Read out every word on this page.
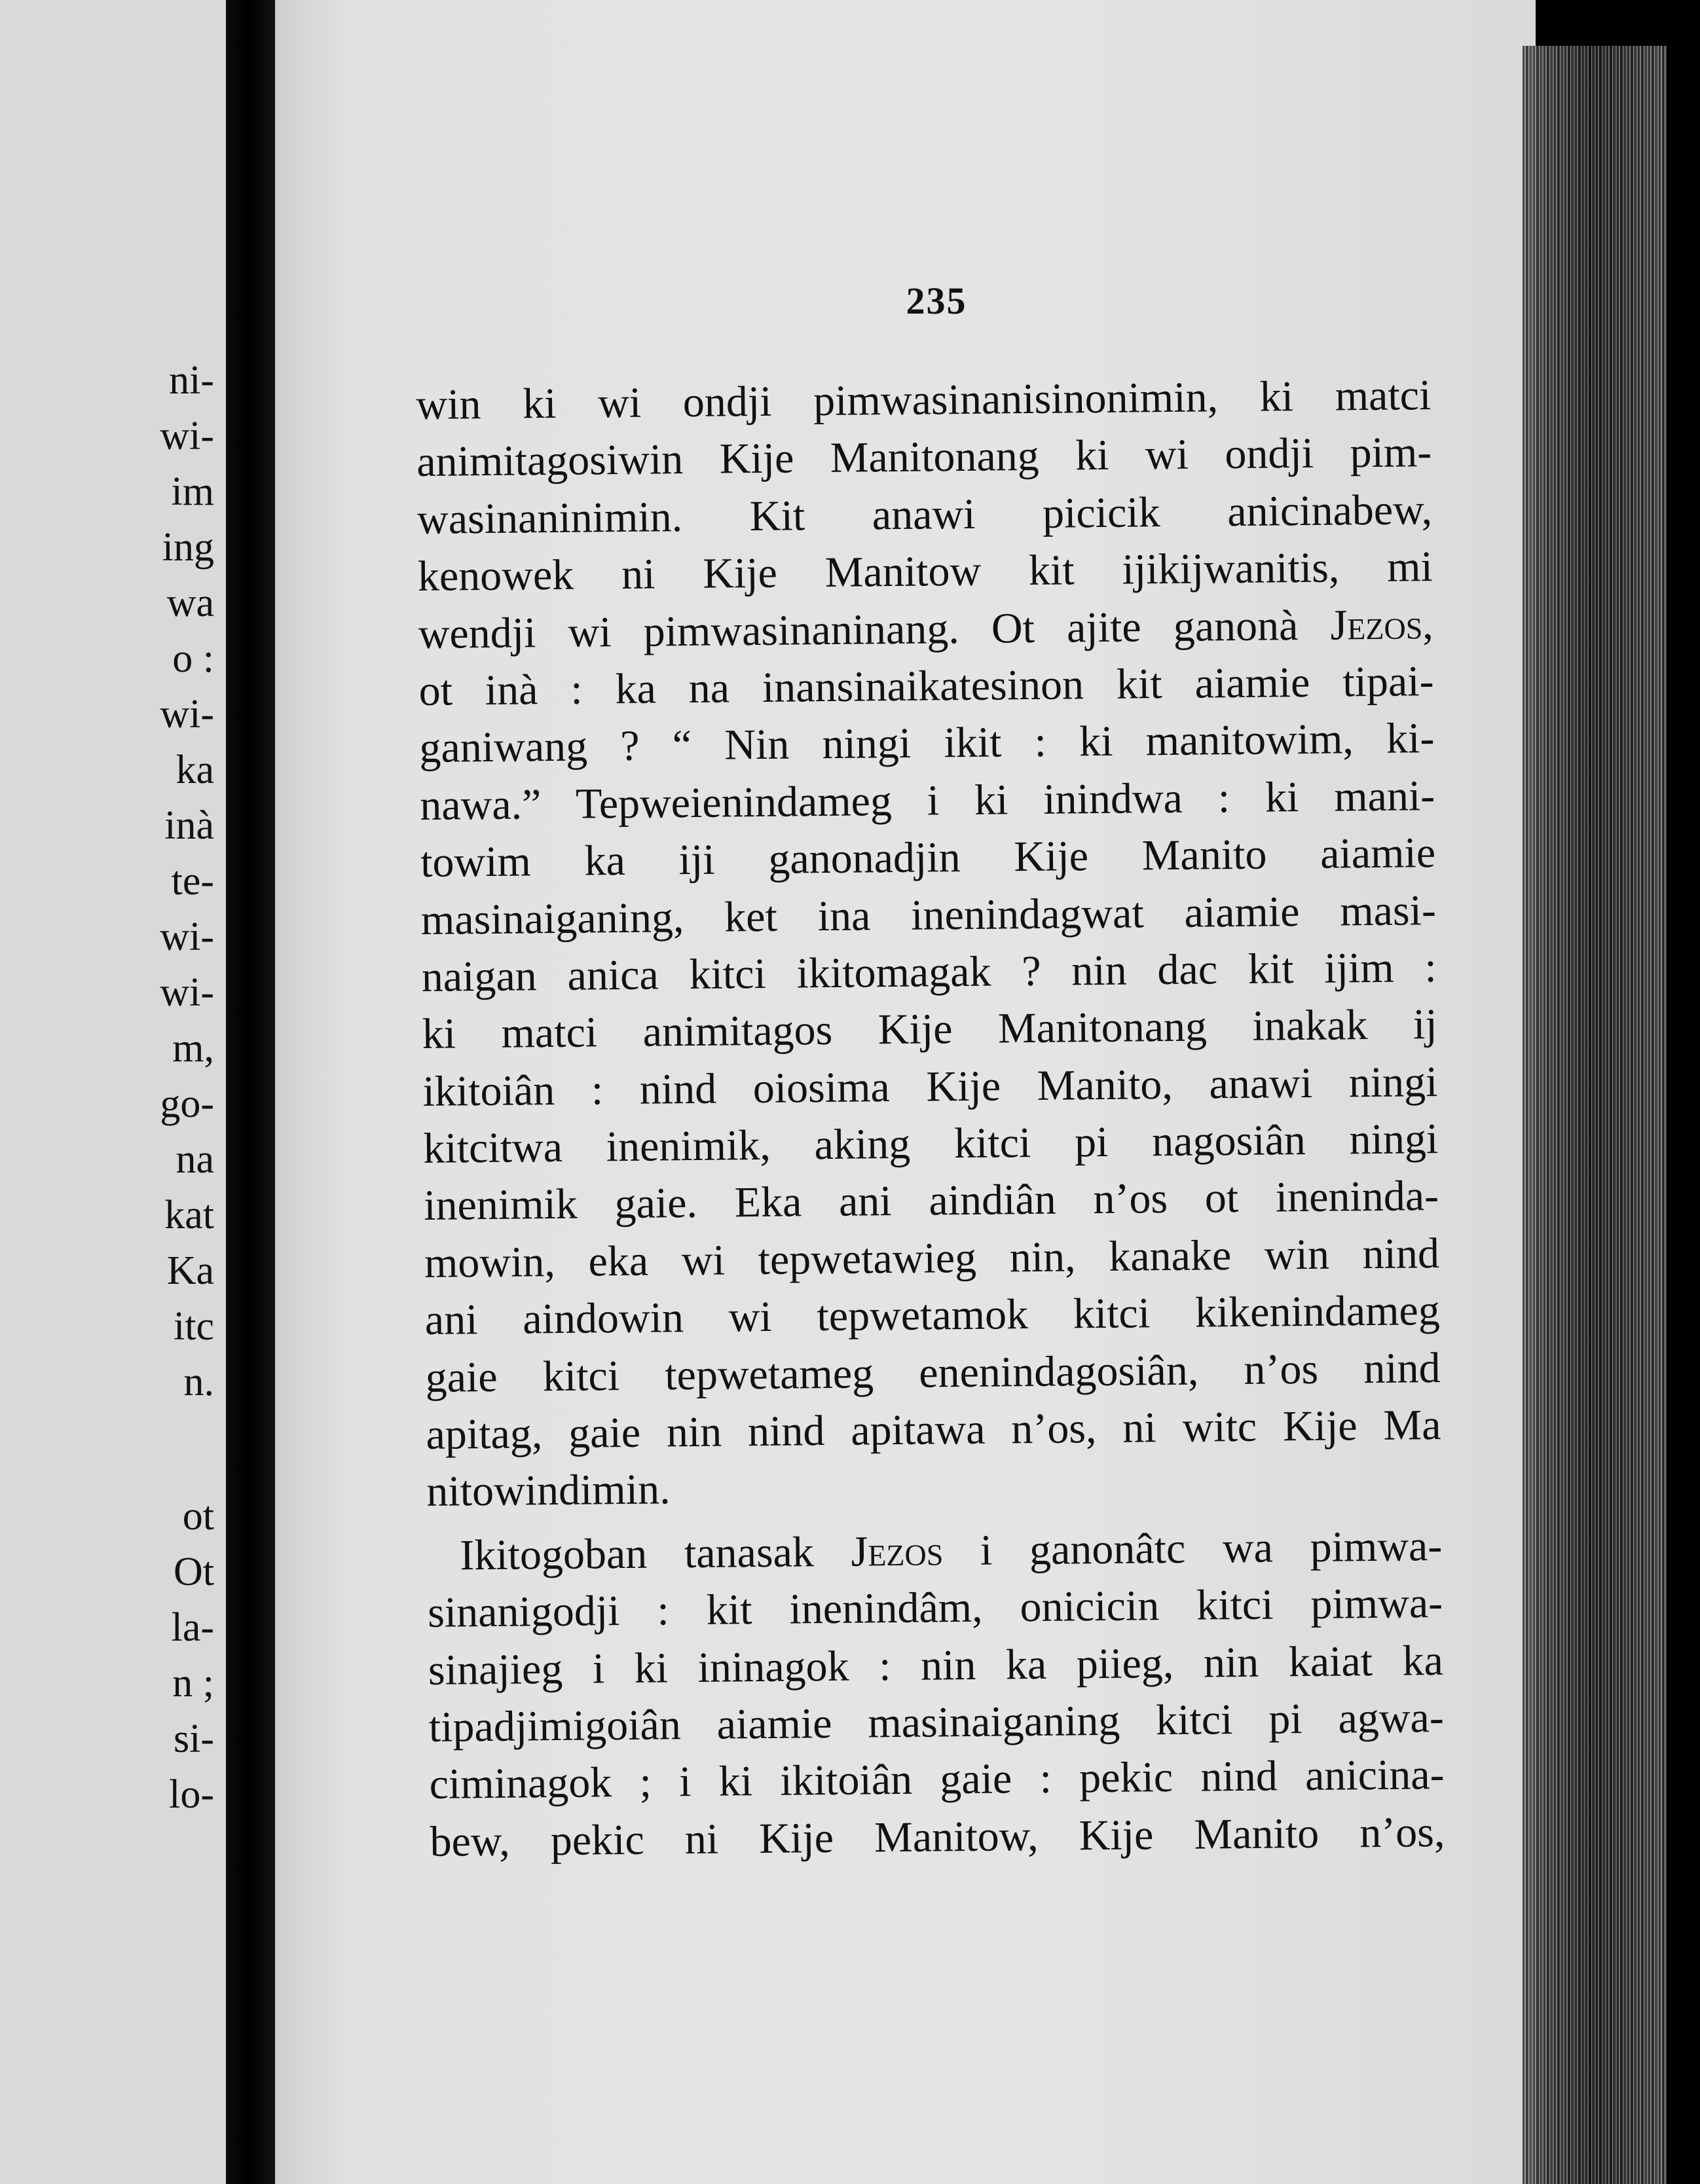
ni-
wi-
im
ing
wa
o :
wi-
ka
inà
te-
wi-
wi-
m,
go-
na
kat
Ka
itc
n.
ot
Ot
la-
n ;
si-
lo-
235
win ki wi ondji pimwasinanisinonimin, ki matci
animitagosiwin Kije Manitonang ki wi ondji pim-
wasinaninimin. Kit anawi picicik anicinabew,
kenowek ni Kije Manitow kit ijikijwanitis, mi
wendji wi pimwasinaninang. Ot ajite ganonà Jezos,
ot inà : ka na inansinaikatesinon kit aiamie tipai-
ganiwang ? “ Nin ningi ikit : ki manitowim, ki-
nawa.” Tepweienindameg i ki inindwa : ki mani-
towim ka iji ganonadjin Kije Manito aiamie
masinaiganing, ket ina inenindagwat aiamie masi-
naigan anica kitci ikitomagak ? nin dac kit ijim :
ki matci animitagos Kije Manitonang inakak ij
ikitoiân : nind oiosima Kije Manito, anawi ningi
kitcitwa inenimik, aking kitci pi nagosiân ningi
inenimik gaie. Eka ani aindiân n’os ot ineninda-
mowin, eka wi tepwetawieg nin, kanake win nind
ani aindowin wi tepwetamok kitci kikenindameg
gaie kitci tepwetameg enenindagosiân, n’os nind
apitag, gaie nin nind apitawa n’os, ni witc Kije Ma
nitowindimin.
Ikitogoban tanasak Jezos i ganonâtc wa pimwa-
sinanigodji : kit inenindâm, onicicin kitci pimwa-
sinajieg i ki ininagok : nin ka piieg, nin kaiat ka
tipadjimigoiân aiamie masinaiganing kitci pi agwa-
ciminagok ; i ki ikitoiân gaie : pekic nind anicina-
bew, pekic ni Kije Manitow, Kije Manito n’os,
